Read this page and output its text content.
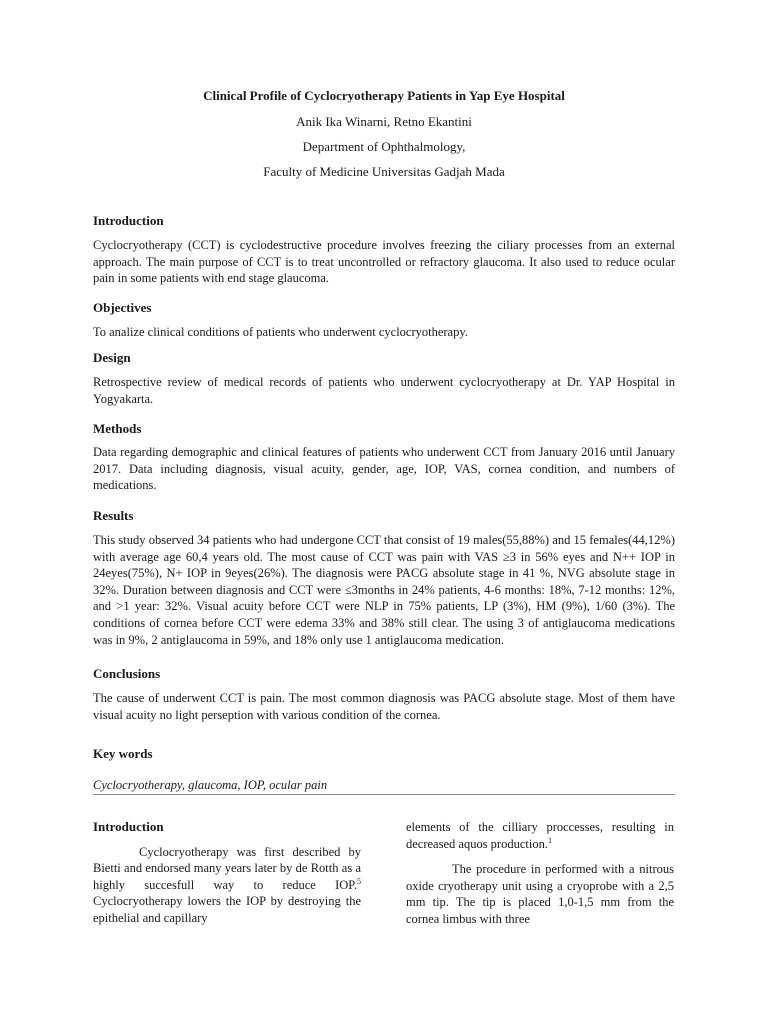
Clinical Profile of Cyclocryotherapy Patients in Yap Eye Hospital
Anik Ika Winarni, Retno Ekantini
Department of Ophthalmology,
Faculty of Medicine Universitas Gadjah Mada
Introduction
Cyclocryotherapy (CCT) is cyclodestructive procedure involves freezing the ciliary processes from an external approach. The main purpose of CCT is to treat uncontrolled or refractory glaucoma. It also used to reduce ocular pain in some patients with end stage glaucoma.
Objectives
To analize clinical conditions of patients who underwent cyclocryotherapy.
Design
Retrospective review of medical records of patients who underwent cyclocryotherapy at Dr. YAP Hospital in Yogyakarta.
Methods
Data regarding demographic and clinical features of patients who underwent CCT from January 2016 until January 2017. Data including diagnosis, visual acuity, gender, age, IOP, VAS, cornea condition, and numbers of medications.
Results
This study observed 34 patients who had undergone CCT that consist of 19 males(55,88%) and 15 females(44,12%) with average age 60,4 years old. The most cause of CCT was pain with VAS ≥3 in 56% eyes and N++ IOP in 24eyes(75%), N+ IOP in 9eyes(26%). The diagnosis were PACG absolute stage in 41 %, NVG absolute stage in 32%. Duration between diagnosis and CCT were ≤3months in 24% patients, 4-6 months: 18%, 7-12 months: 12%, and >1 year: 32%. Visual acuity before CCT were NLP in 75% patients, LP (3%), HM (9%), 1/60 (3%). The conditions of cornea before CCT were edema 33% and 38% still clear. The using 3 of antiglaucoma medications was in 9%, 2 antiglaucoma in 59%, and 18% only use 1 antiglaucoma medication.
Conclusions
The cause of underwent CCT is pain. The most common diagnosis was PACG absolute stage. Most of them have visual acuity no light perseption with various condition of the cornea.
Key words
Cyclocryotherapy, glaucoma, IOP, ocular pain
Introduction
Cyclocryotherapy was first described by Bietti and endorsed many years later by de Rotth as a highly succesfull way to reduce IOP.$^5$ Cyclocryotherapy lowers the IOP by destroying the epithelial and capillary
elements of the cilliary proccesses, resulting in decreased aquos production.$^1$
The procedure in performed with a nitrous oxide cryotherapy unit using a cryoprobe with a 2,5 mm tip. The tip is placed 1,0-1,5 mm from the cornea limbus with three
